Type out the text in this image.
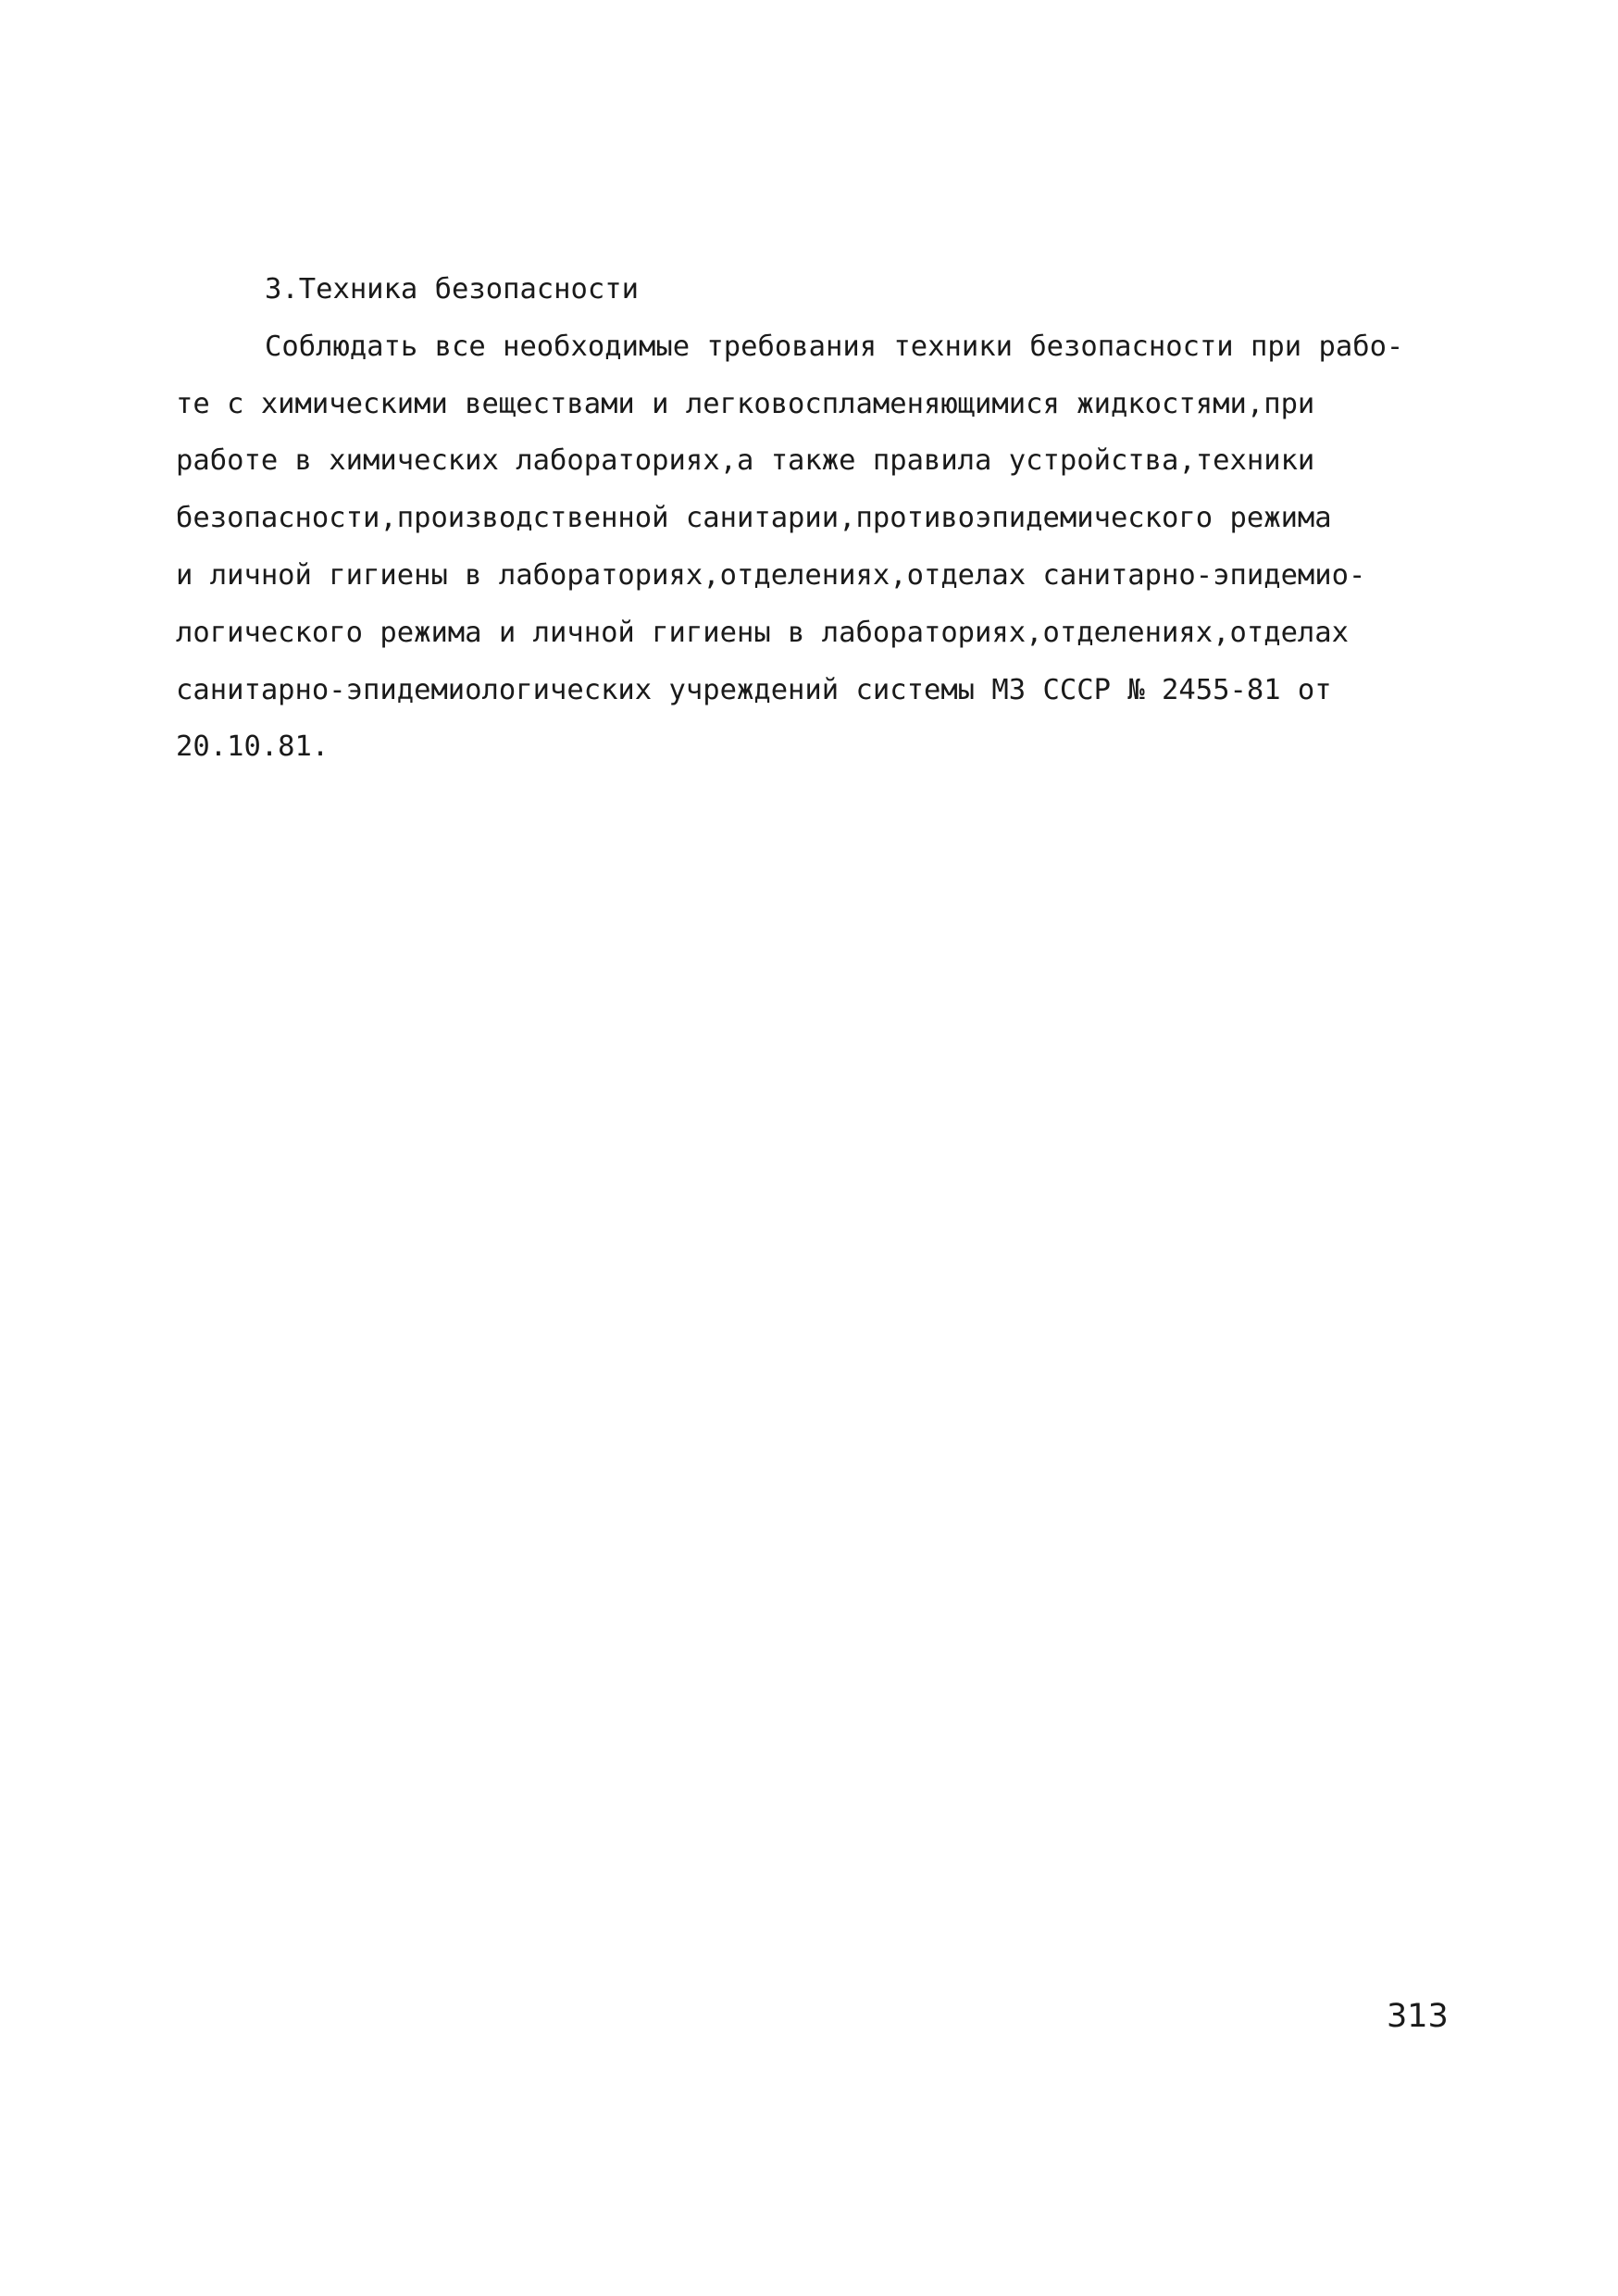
3.Техника безопасности
Соблюдать все необходимые требования техники безопасности при рабо-
те с химическими веществами и легковоспламеняющимися жидкостями,при
работе в химических лабораториях,а также правила устройства,техники
безопасности,производственной санитарии,противоэпидемического режима
и личной гигиены в лабораториях,отделениях,отделах санитарно-эпидемио-
логического режима и личной гигиены в лабораториях,отделениях,отделах
санитарно-эпидемиологических учреждений системы МЗ СССР № 2455-81 от
20.10.81.
313
